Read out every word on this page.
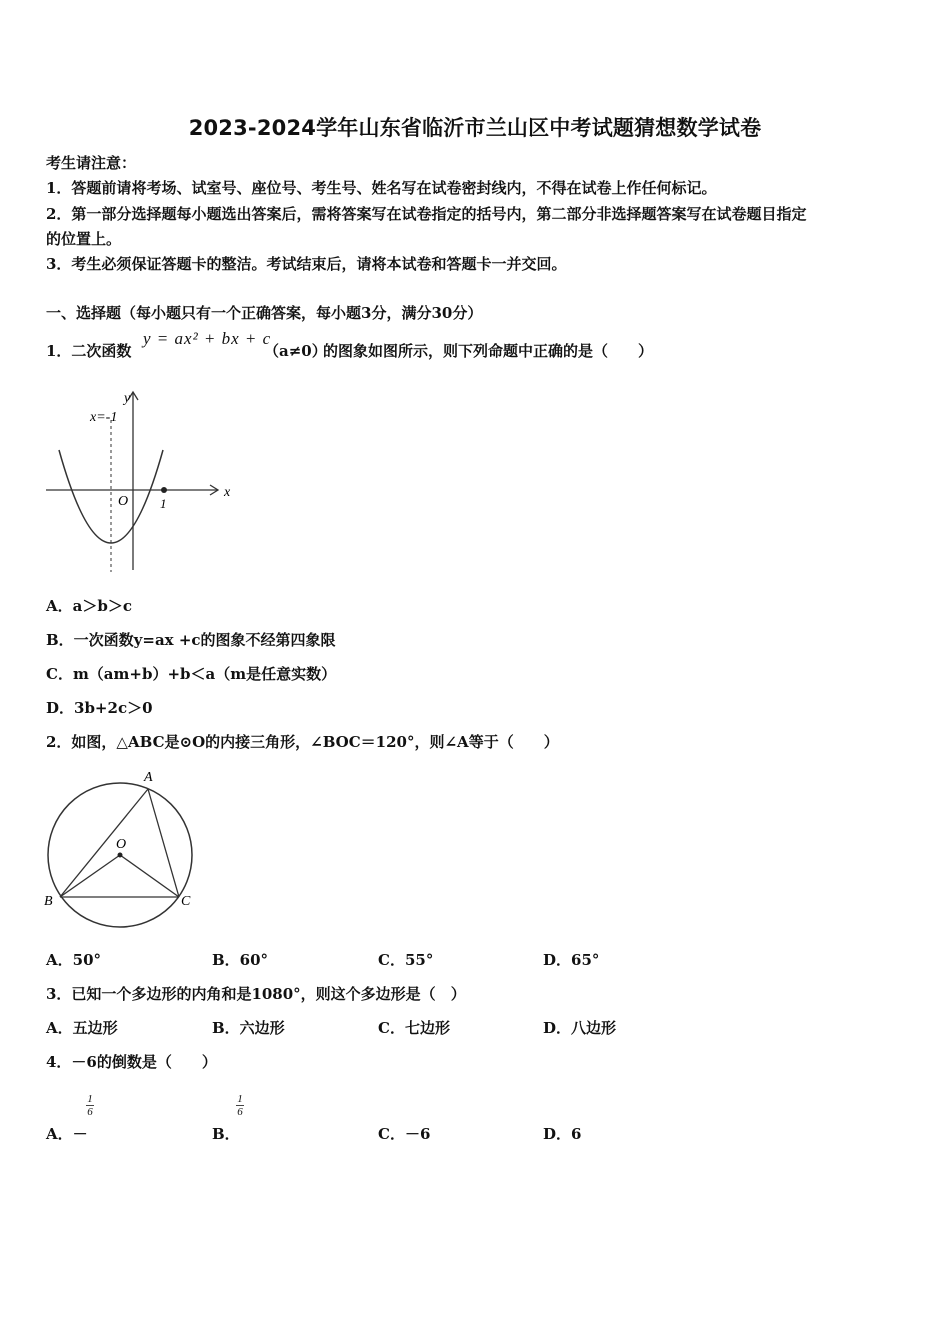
2023-2024学年山东省临沂市兰山区中考试题猜想数学试卷
考生请注意：
1．答题前请将考场、试室号、座位号、考生号、姓名写在试卷密封线内，不得在试卷上作任何标记。
2．第一部分选择题每小题选出答案后，需将答案写在试卷指定的括号内，第二部分非选择题答案写在试卷题目指定
的位置上。
3．考生必须保证答题卡的整洁。考试结束后，请将本试卷和答题卡一并交回。
一、选择题（每小题只有一个正确答案，每小题3分，满分30分）
1．二次函数
y = ax² + bx + c
（a≠0）
的图象如图所示，则下列命题中正确的是（　　）
x
y
O 1
x=-1
A．a＞b＞c
B．一次函数y=ax +c的图象不经第四象限
C．m（am+b）+b＜a（m是任意实数）
D．3b+2c＞0
2．如图，△ABC是⊙O的内接三角形，∠BOC＝120°，则∠A等于（　　）
A
B	C
O
A．50°	B．60°	C．55°	D．65°
3．已知一个多边形的内角和是1080°，则这个多边形是（　）
A．五边形	B．六边形	C．七边形	D．八边形
4．－6的倒数是（　　）
1
6
1
6
A．－	B．	C．－6	D．6
